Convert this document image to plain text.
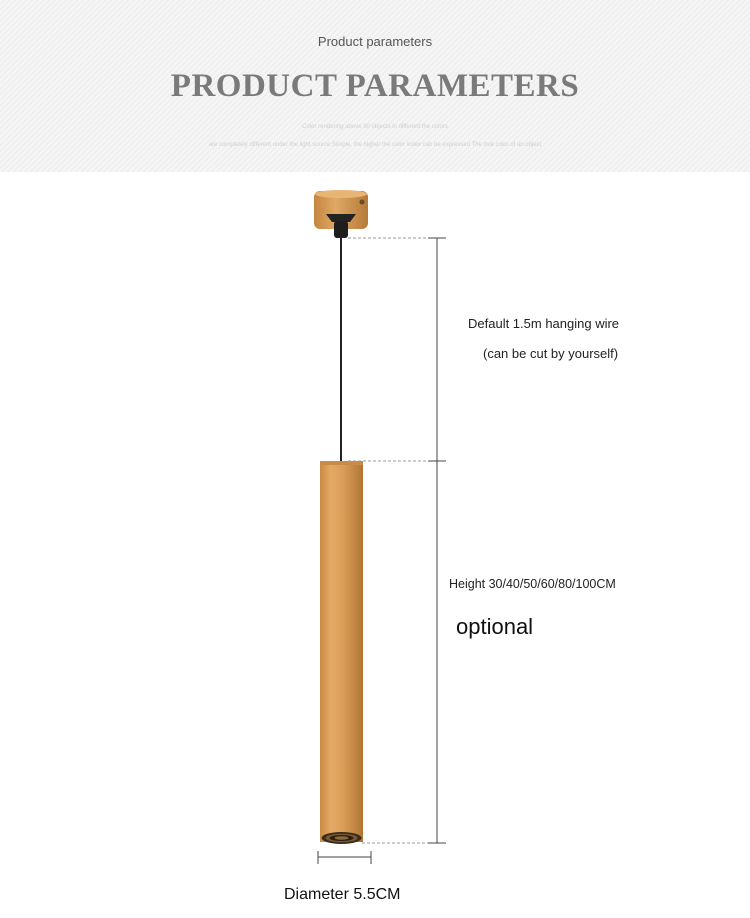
Product parameters
PRODUCT PARAMETERS
Color rendering above 90 objects in different the colors
are completely different under the light source Simple, the higher the color index can be expressed The true color of an object
Default 1.5m hanging wire
(can be cut by yourself)
Height 30/40/50/60/80/100CM
optional
Diameter 5.5CM
